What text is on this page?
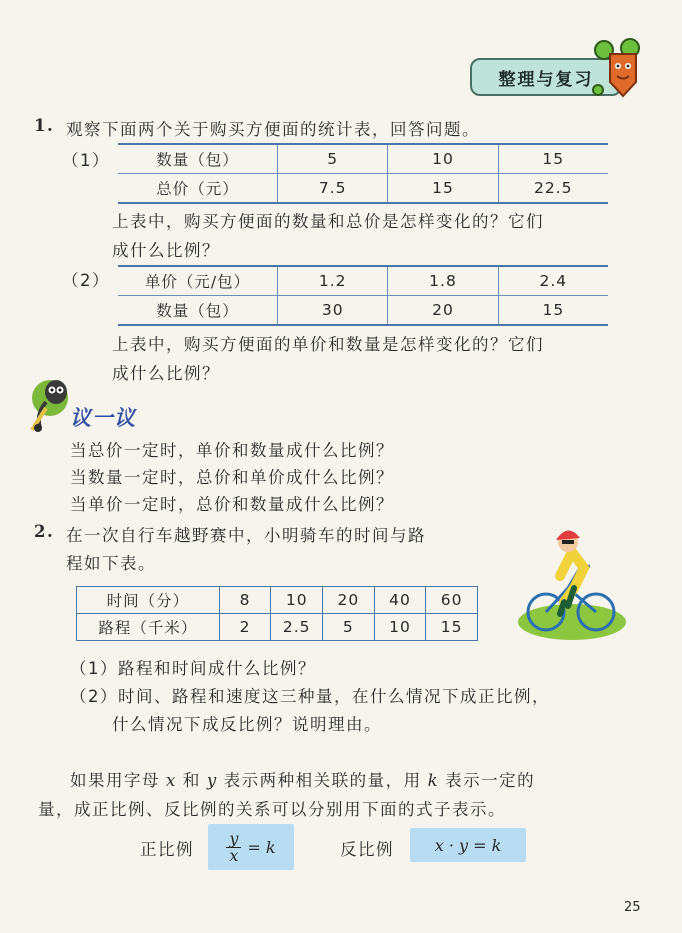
整理与复习
1. 观察下面两个关于购买方便面的统计表，回答问题。
（1）	数量（包）	5	10	15
总价（元）	7.5	15	22.5
上表中，购买方便面的数量和总价是怎样变化的？它们
成什么比例？
（2） 单价（元/包）	1.2	1.8	2.4
数量（包）	30	20	15
上表中，购买方便面的单价和数量是怎样变化的？它们
成什么比例？
议一议
当总价一定时，单价和数量成什么比例？
当数量一定时，总价和单价成什么比例？
当单价一定时，总价和数量成什么比例？
2. 在一次自行车越野赛中，小明骑车的时间与路
程如下表。
时间（分）	8	10	20	40	60
路程（千米）	2	2.5	5	10	15
（1）路程和时间成什么比例？
（2）时间、路程和速度这三种量，在什么情况下成正比例，
什么情况下成反比例？说明理由。
如果用字母 x 和 y 表示两种相关联的量，用 k 表示一定的
量，成正比例、反比例的关系可以分别用下面的式子表示。
正比例 $\frac{y}{x} = k$	反比例	x · y = k
25
